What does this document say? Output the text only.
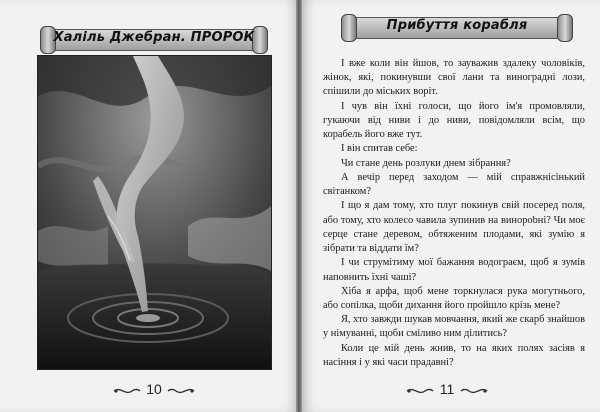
Халіль Джебран. ПРОРОК
10
Прибуття корабля
11

І вже коли він йшов, то зауважив здалеку чоловіків, жінок, які, покинувши свої лани та виноградні лози, спішили до міських воріт.

І чув він їхні голоси, що його ім'я промовляли, гукаючи від ниви і до ниви, повідомляли всім, що корабель його вже тут.

І він спитав себе:

Чи стане день розлуки днем зібрання?

А вечір перед заходом — мій справжнісінький світанком?

І що я дам тому, хто плуг покинув свій посеред поля, або тому, хто колесо чавила зупинив на винорobні? Чи моє серце стане деревом, обтяженим плодами, які зумію я зібрати та віддати їм?

І чи струмітиму мої бажання водограєм, щоб я зумів наповнить їхні чаші?

Хіба я арфа, щоб мене торкнулася рука могутнього, або сопілка, щоби дихання його пройшло крізь мене?

Я, хто завжди шукав мовчання, який же скарб знайшов у німуванні, щоби сміливо ним ділитись?

Коли це мій день жнив, то на яких полях засіяв я насіння і у які часи прадавні?
